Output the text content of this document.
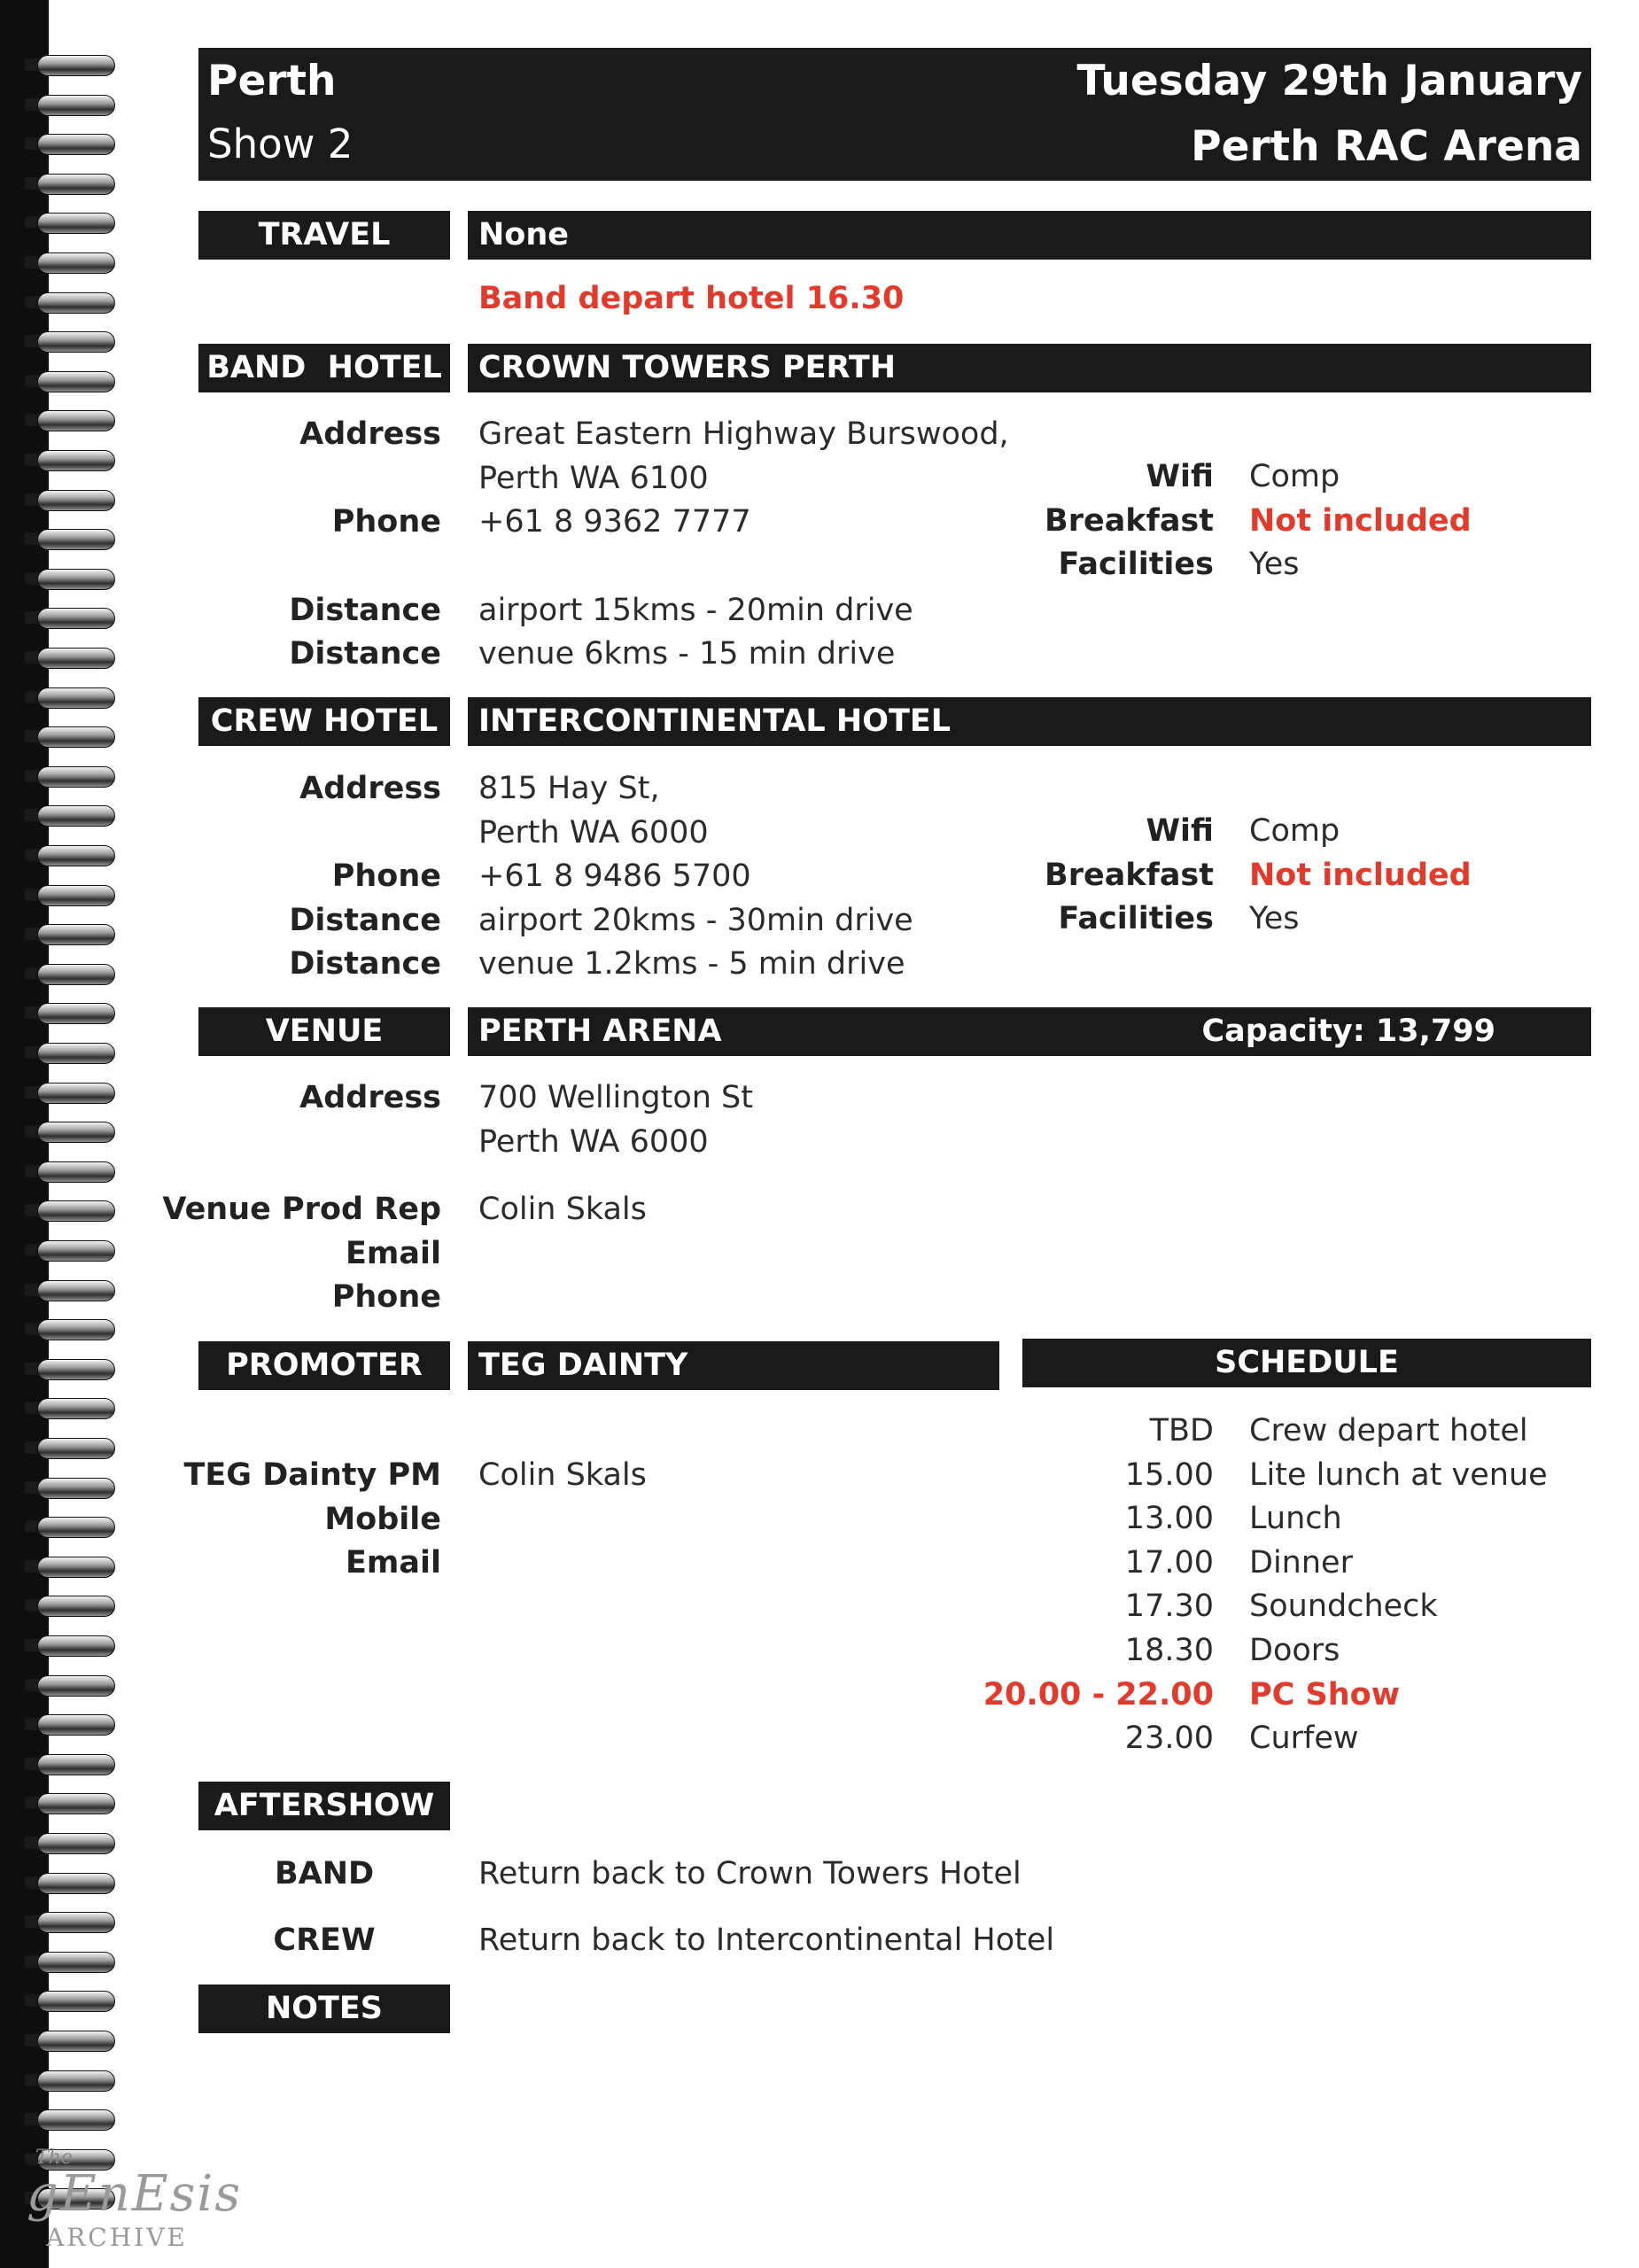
Perth
Show 2
Tuesday 29th January
Perth RAC Arena
TRAVEL	None
Band depart hotel 16.30
BAND  HOTEL	CROWN TOWERS PERTH
Address Great Eastern Highway Burswood,
Perth WA 6100
Phone +61 8 9362 7777
Distance airport 15kms - 20min drive
Distance venue 6kms - 15 min drive
Wifi Comp
Breakfast Not included
Facilities Yes
CREW HOTEL	INTERCONTINENTAL HOTEL
Address 815 Hay St,
Perth WA 6000
Phone +61 8 9486 5700
Distance airport 20kms - 30min drive
Distance venue 1.2kms - 5 min drive
Wifi Comp
Breakfast Not included
Facilities Yes
VENUE	PERTH ARENA	Capacity: 13,799
Address 700 Wellington St
Perth WA 6000
Venue Prod Rep Colin Skals
Email
Phone
PROMOTER	TEG DAINTY
TEG Dainty PM Colin Skals
Mobile
Email
SCHEDULE
TBD Crew depart hotel
15.00 Lite lunch at venue
13.00 Lunch
17.00 Dinner
17.30 Soundcheck
18.30 Doors
20.00 - 22.00 PC Show
23.00 Curfew
AFTERSHOW
BAND	Return back to Crown Towers Hotel
CREW	Return back to Intercontinental Hotel
NOTES
The
gEnEsis
ARCHIVE
